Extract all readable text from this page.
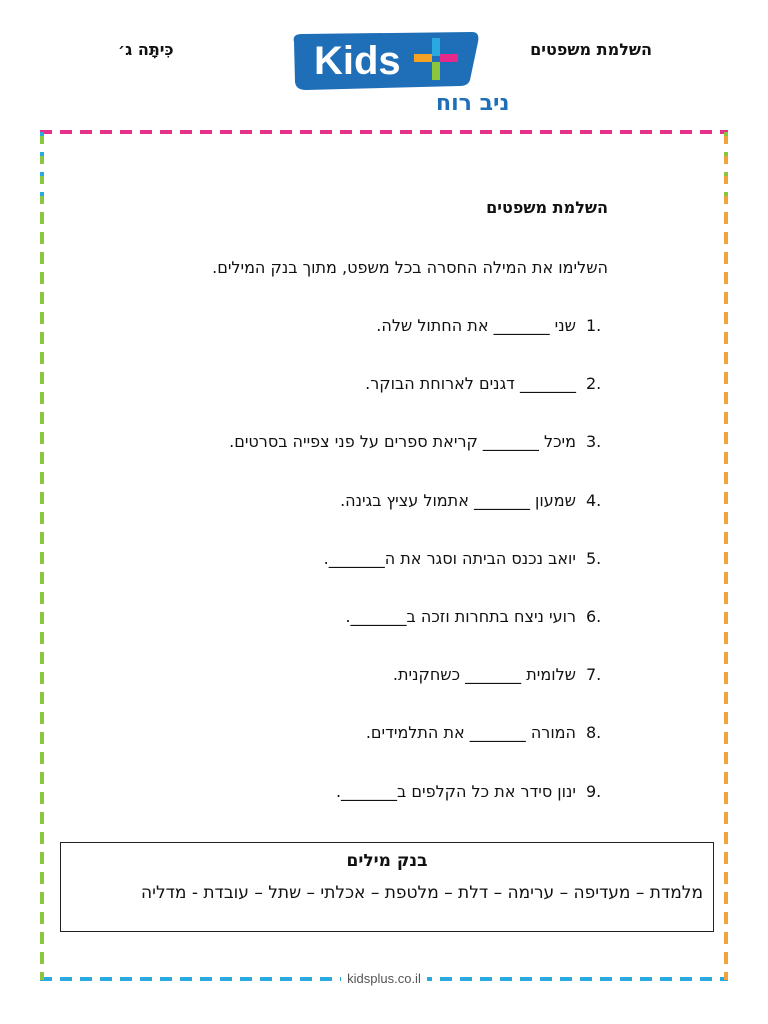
השלמת משפטים
כִּיתָּה ג׳	Kids
ניב רוח
השלמת משפטים
השלימו את המילה החסרה בכל משפט, מתוך בנק המילים.
1.
שני _______ את החתול שלה.
2.
_______ דגנים לארוחת הבוקר.
3.
מיכל _______ קריאת ספרים על פני צפייה בסרטים.
4.
שמעון _______ אתמול עציץ בגינה.
5.
יואב נכנס הביתה וסגר את ה_______.
6.
רועי ניצח בתחרות וזכה ב_______.
7.
שלומית _______ כשחקנית.
8.
המורה _______ את התלמידים.
9.
ינון סידר את כל הקלפים ב_______.
בנק מילים
מלמדת – מעדיפה – ערימה – דלת – מלטפת – אכלתי – שתל – עובדת - מדליה
kidsplus.co.il
